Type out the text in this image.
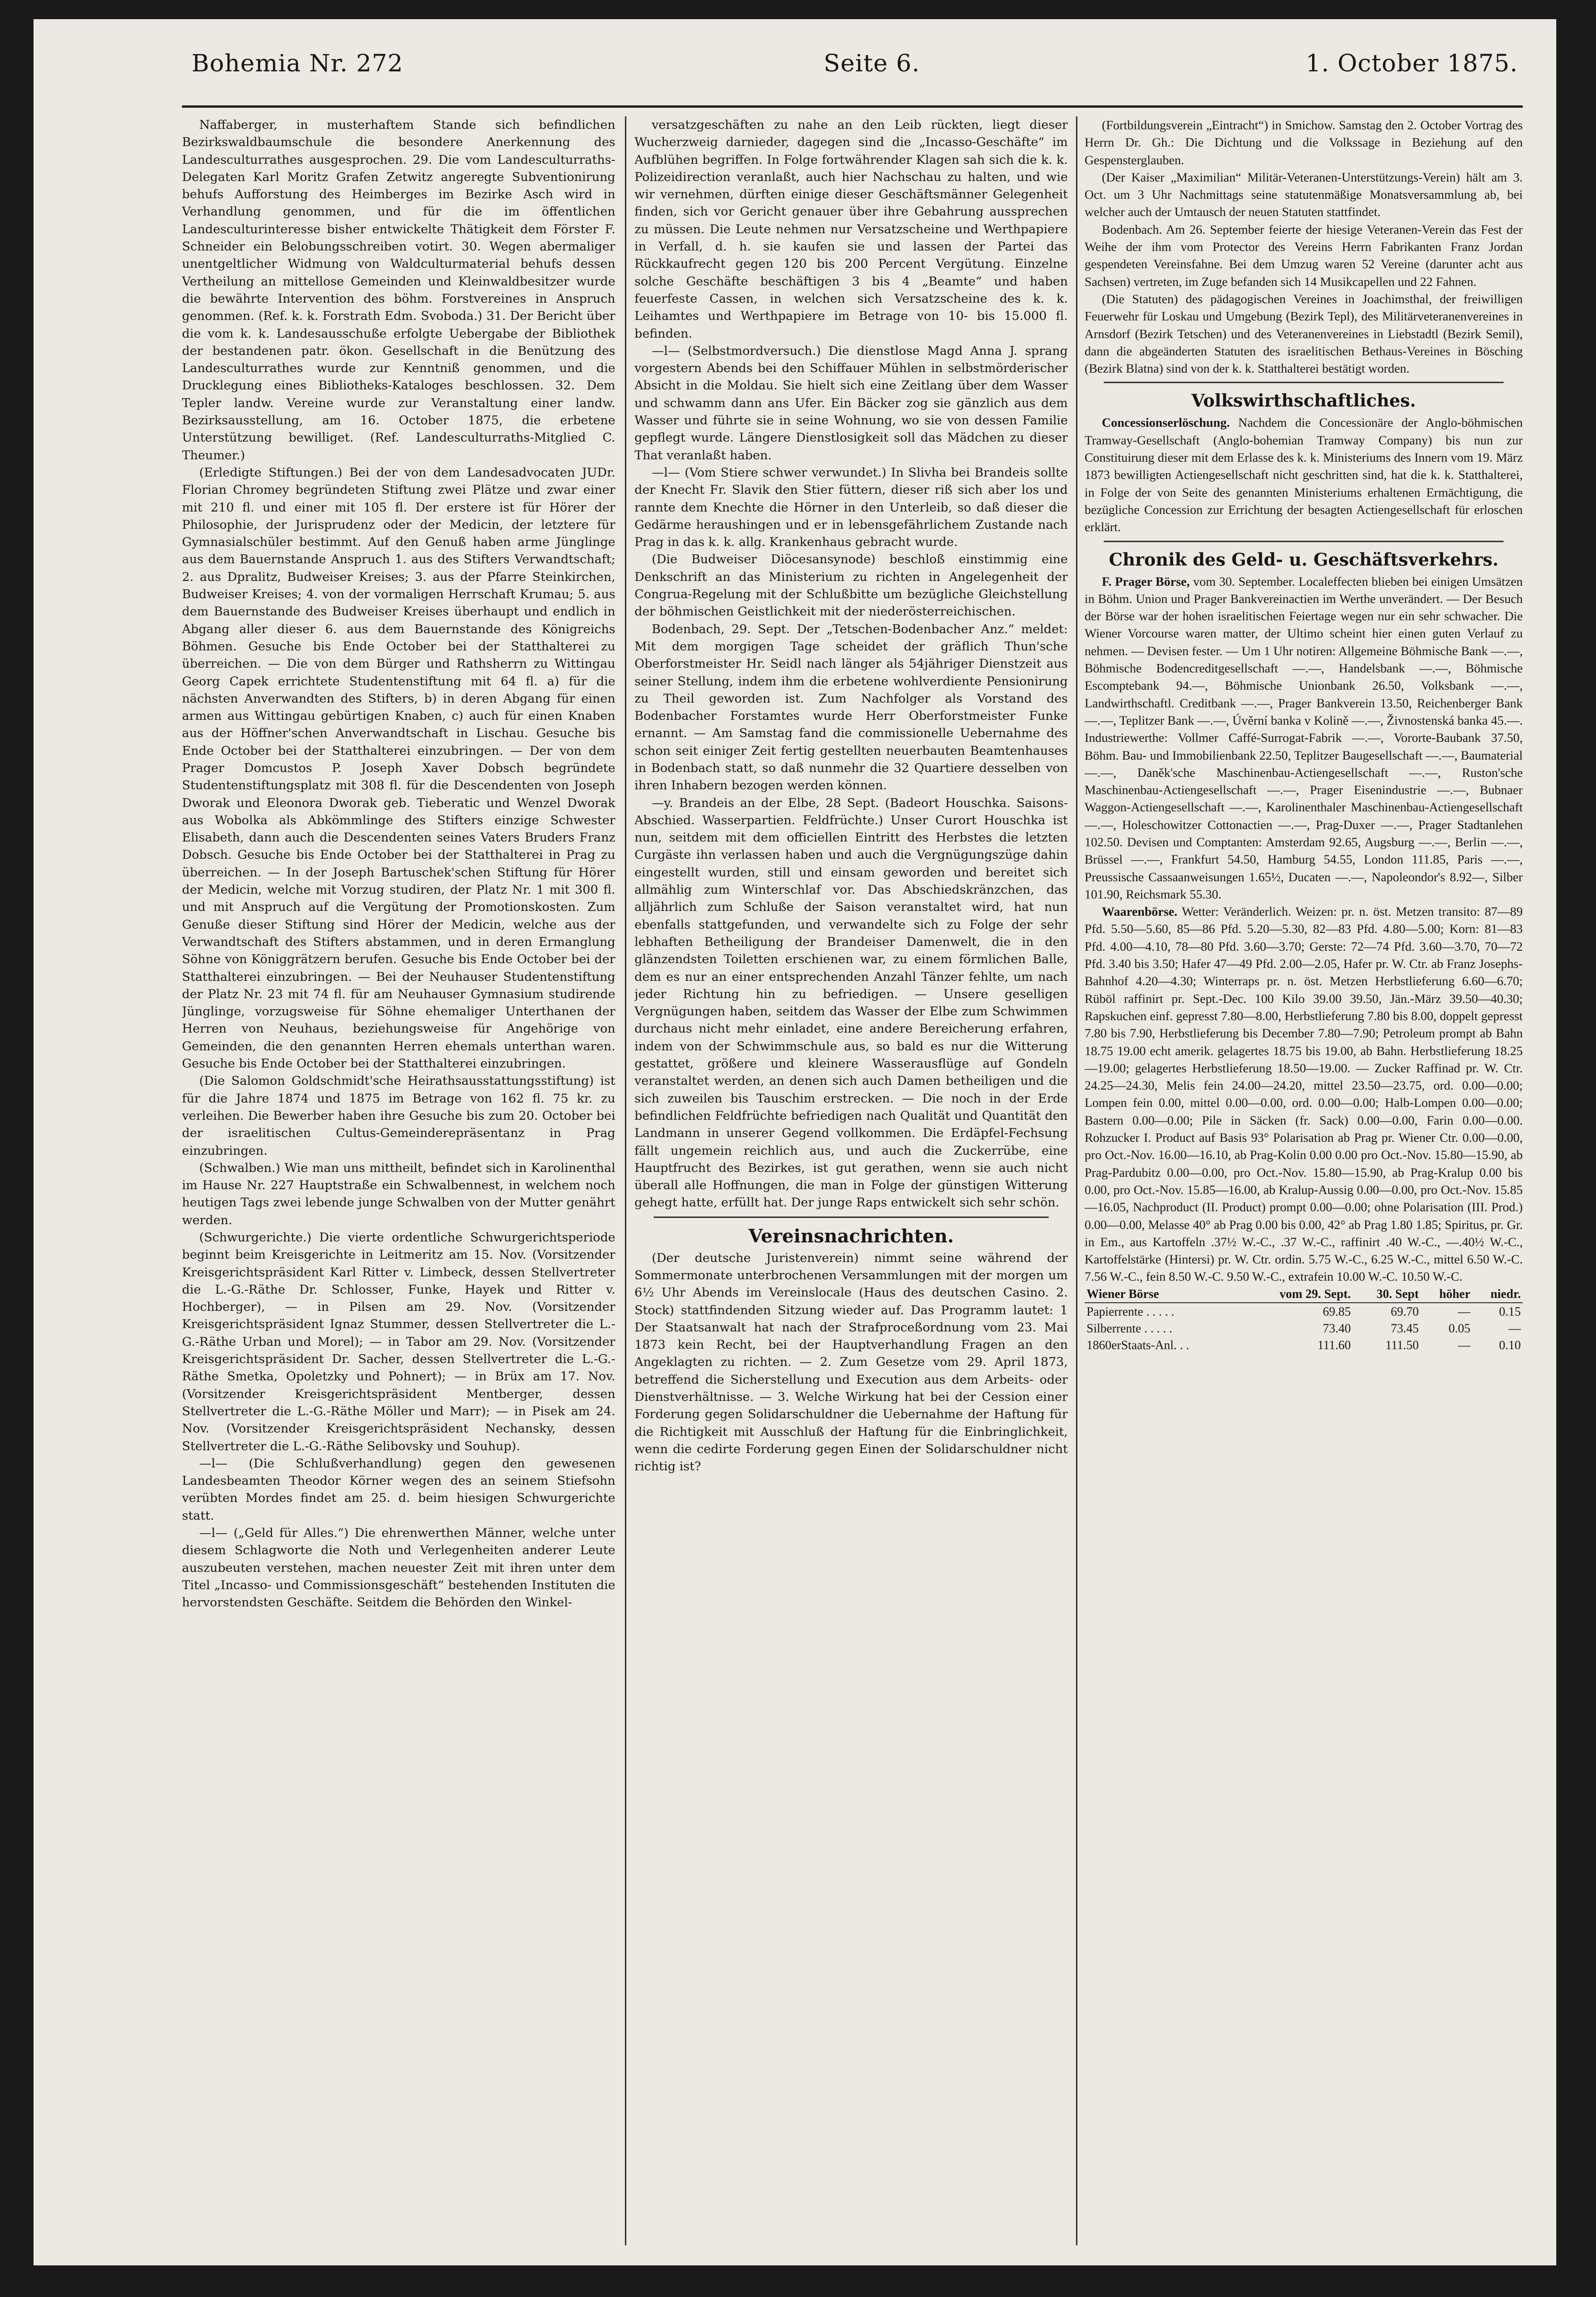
Bohemia Nr. 272	Seite 6.	1. October 1875.

Naffaberger, in musterhaftem Stande sich befindlichen Bezirkswaldbaumschule die besondere Anerkennung des Landesculturrathes ausgesprochen. 29. Die vom Landesculturraths-Delegaten Karl Moritz Grafen Zetwitz angeregte Subventionirung behufs Aufforstung des Heimberges im Bezirke Asch wird in Verhandlung genommen, und für die im öffentlichen Landesculturinteresse bisher entwickelte Thätigkeit dem Förster F. Schneider ein Belobungsschreiben votirt. 30. Wegen abermaliger unentgeltlicher Widmung von Waldculturmaterial behufs dessen Vertheilung an mittellose Gemeinden und Kleinwaldbesitzer wurde die bewährte Intervention des böhm. Forstvereines in Anspruch genommen. (Ref. k. k. Forstrath Edm. Svoboda.) 31. Der Bericht über die vom k. k. Landesausschuße erfolgte Uebergabe der Bibliothek der bestandenen patr. ökon. Gesellschaft in die Benützung des Landesculturrathes wurde zur Kenntniß genommen, und die Drucklegung eines Bibliotheks-Kataloges beschlossen. 32. Dem Tepler landw. Vereine wurde zur Veranstaltung einer landw. Bezirksausstellung, am 16. October 1875, die erbetene Unterstützung bewilliget. (Ref. Landesculturraths-Mitglied C. Theumer.)

(Erledigte Stiftungen.) Bei der von dem Landesadvocaten JUDr. Florian Chromey begründeten Stiftung zwei Plätze und zwar einer mit 210 fl. und einer mit 105 fl. Der erstere ist für Hörer der Philosophie, der Jurisprudenz oder der Medicin, der letztere für Gymnasialschüler bestimmt. Auf den Genuß haben arme Jünglinge aus dem Bauernstande Anspruch 1. aus des Stifters Verwandtschaft; 2. aus Dpralitz, Budweiser Kreises; 3. aus der Pfarre Steinkirchen, Budweiser Kreises; 4. von der vormaligen Herrschaft Krumau; 5. aus dem Bauernstande des Budweiser Kreises überhaupt und endlich in Abgang aller dieser 6. aus dem Bauernstande des Königreichs Böhmen. Gesuche bis Ende October bei der Statthalterei zu überreichen. — Die von dem Bürger und Rathsherrn zu Wittingau Georg Capek errichtete Studentenstiftung mit 64 fl. a) für die nächsten Anverwandten des Stifters, b) in deren Abgang für einen armen aus Wittingau gebürtigen Knaben, c) auch für einen Knaben aus der Höffner'schen Anverwandtschaft in Lischau. Gesuche bis Ende October bei der Statthalterei einzubringen. — Der von dem Prager Domcustos P. Joseph Xaver Dobsch begründete Studentenstiftungsplatz mit 308 fl. für die Descendenten von Joseph Dworak und Eleonora Dworak geb. Tieberatic und Wenzel Dworak aus Wobolka als Abkömmlinge des Stifters einzige Schwester Elisabeth, dann auch die Descendenten seines Vaters Bruders Franz Dobsch. Gesuche bis Ende October bei der Statthalterei in Prag zu überreichen. — In der Joseph Bartuschek'schen Stiftung für Hörer der Medicin, welche mit Vorzug studiren, der Platz Nr. 1 mit 300 fl. und mit Anspruch auf die Vergütung der Promotionskosten. Zum Genuße dieser Stiftung sind Hörer der Medicin, welche aus der Verwandtschaft des Stifters abstammen, und in deren Ermanglung Söhne von Königgrätzern berufen. Gesuche bis Ende October bei der Statthalterei einzubringen. — Bei der Neuhauser Studentenstiftung der Platz Nr. 23 mit 74 fl. für am Neuhauser Gymnasium studirende Jünglinge, vorzugsweise für Söhne ehemaliger Unterthanen der Herren von Neuhaus, beziehungsweise für Angehörige von Gemeinden, die den genannten Herren ehemals unterthan waren. Gesuche bis Ende October bei der Statthalterei einzubringen.

(Die Salomon Goldschmidt'sche Heirathsausstattungsstiftung) ist für die Jahre 1874 und 1875 im Betrage von 162 fl. 75 kr. zu verleihen. Die Bewerber haben ihre Gesuche bis zum 20. October bei der israelitischen Cultus-Gemeinderepräsentanz in Prag einzubringen.

(Schwalben.) Wie man uns mittheilt, befindet sich in Karolinenthal im Hause Nr. 227 Hauptstraße ein Schwalbennest, in welchem noch heutigen Tags zwei lebende junge Schwalben von der Mutter genährt werden.

(Schwurgerichte.) Die vierte ordentliche Schwurgerichtsperiode beginnt beim Kreisgerichte in Leitmeritz am 15. Nov. (Vorsitzender Kreisgerichtspräsident Karl Ritter v. Limbeck, dessen Stellvertreter die L.-G.-Räthe Dr. Schlosser, Funke, Hayek und Ritter v. Hochberger), — in Pilsen am 29. Nov. (Vorsitzender Kreisgerichtspräsident Ignaz Stummer, dessen Stellvertreter die L.-G.-Räthe Urban und Morel); — in Tabor am 29. Nov. (Vorsitzender Kreisgerichtspräsident Dr. Sacher, dessen Stellvertreter die L.-G.-Räthe Smetka, Opoletzky und Pohnert); — in Brüx am 17. Nov. (Vorsitzender Kreisgerichtspräsident Mentberger, dessen Stellvertreter die L.-G.-Räthe Möller und Marr); — in Pisek am 24. Nov. (Vorsitzender Kreisgerichtspräsident Nechansky, dessen Stellvertreter die L.-G.-Räthe Selibovsky und Souhup).

—l— (Die Schlußverhandlung) gegen den gewesenen Landesbeamten Theodor Körner wegen des an seinem Stiefsohn verübten Mordes findet am 25. d. beim hiesigen Schwurgerichte statt.

—l— („Geld für Alles.“) Die ehrenwerthen Männer, welche unter diesem Schlagworte die Noth und Verlegenheiten anderer Leute auszubeuten verstehen, machen neuester Zeit mit ihren unter dem Titel „Incasso- und Commissionsgeschäft“ bestehenden Instituten die hervorstendsten Geschäfte. Seitdem die Behörden den Winkel-

versatzgeschäften zu nahe an den Leib rückten, liegt dieser Wucherzweig darnieder, dagegen sind die „Incasso-Geschäfte“ im Aufblühen begriffen. In Folge fortwährender Klagen sah sich die k. k. Polizeidirection veranlaßt, auch hier Nachschau zu halten, und wie wir vernehmen, dürften einige dieser Geschäftsmänner Gelegenheit finden, sich vor Gericht genauer über ihre Gebahrung aussprechen zu müssen. Die Leute nehmen nur Versatzscheine und Werthpapiere in Verfall, d. h. sie kaufen sie und lassen der Partei das Rückkaufrecht gegen 120 bis 200 Percent Vergütung. Einzelne solche Geschäfte beschäftigen 3 bis 4 „Beamte“ und haben feuerfeste Cassen, in welchen sich Versatzscheine des k. k. Leihamtes und Werthpapiere im Betrage von 10- bis 15.000 fl. befinden.

—l— (Selbstmordversuch.) Die dienstlose Magd Anna J. sprang vorgestern Abends bei den Schiffauer Mühlen in selbstmörderischer Absicht in die Moldau. Sie hielt sich eine Zeitlang über dem Wasser und schwamm dann ans Ufer. Ein Bäcker zog sie gänzlich aus dem Wasser und führte sie in seine Wohnung, wo sie von dessen Familie gepflegt wurde. Längere Dienstlosigkeit soll das Mädchen zu dieser That veranlaßt haben.

—l— (Vom Stiere schwer verwundet.) In Slivha bei Brandeis sollte der Knecht Fr. Slavik den Stier füttern, dieser riß sich aber los und rannte dem Knechte die Hörner in den Unterleib, so daß dieser die Gedärme heraushingen und er in lebensgefährlichem Zustande nach Prag in das k. k. allg. Krankenhaus gebracht wurde.

(Die Budweiser Diöcesansynode) beschloß einstimmig eine Denkschrift an das Ministerium zu richten in Angelegenheit der Congrua-Regelung mit der Schlußbitte um bezügliche Gleichstellung der böhmischen Geistlichkeit mit der niederösterreichischen.

Bodenbach, 29. Sept. Der „Tetschen-Bodenbacher Anz.“ meldet: Mit dem morgigen Tage scheidet der gräflich Thun'sche Oberforstmeister Hr. Seidl nach länger als 54jähriger Dienstzeit aus seiner Stellung, indem ihm die erbetene wohlverdiente Pensionirung zu Theil geworden ist. Zum Nachfolger als Vorstand des Bodenbacher Forstamtes wurde Herr Oberforstmeister Funke ernannt. — Am Samstag fand die commissionelle Uebernahme des schon seit einiger Zeit fertig gestellten neuerbauten Beamtenhauses in Bodenbach statt, so daß nunmehr die 32 Quartiere desselben von ihren Inhabern bezogen werden können.

—y. Brandeis an der Elbe, 28 Sept. (Badeort Houschka. Saisons-Abschied. Wasserpartien. Feldfrüchte.) Unser Curort Houschka ist nun, seitdem mit dem officiellen Eintritt des Herbstes die letzten Curgäste ihn verlassen haben und auch die Vergnügungszüge dahin eingestellt wurden, still und einsam geworden und bereitet sich allmählig zum Winterschlaf vor. Das Abschiedskränzchen, das alljährlich zum Schluße der Saison veranstaltet wird, hat nun ebenfalls stattgefunden, und verwandelte sich zu Folge der sehr lebhaften Betheiligung der Brandeiser Damenwelt, die in den glänzendsten Toiletten erschienen war, zu einem förmlichen Balle, dem es nur an einer entsprechenden Anzahl Tänzer fehlte, um nach jeder Richtung hin zu befriedigen. — Unsere geselligen Vergnügungen haben, seitdem das Wasser der Elbe zum Schwimmen durchaus nicht mehr einladet, eine andere Bereicherung erfahren, indem von der Schwimmschule aus, so bald es nur die Witterung gestattet, größere und kleinere Wasserausflüge auf Gondeln veranstaltet werden, an denen sich auch Damen betheiligen und die sich zuweilen bis Tauschim erstrecken. — Die noch in der Erde befindlichen Feldfrüchte befriedigen nach Qualität und Quantität den Landmann in unserer Gegend vollkommen. Die Erdäpfel-Fechsung fällt ungemein reichlich aus, und auch die Zuckerrübe, eine Hauptfrucht des Bezirkes, ist gut gerathen, wenn sie auch nicht überall alle Hoffnungen, die man in Folge der günstigen Witterung gehegt hatte, erfüllt hat. Der junge Raps entwickelt sich sehr schön.

Vereinsnachrichten.

(Der deutsche Juristenverein) nimmt seine während der Sommermonate unterbrochenen Versammlungen mit der morgen um 6½ Uhr Abends im Vereinslocale (Haus des deutschen Casino. 2. Stock) stattfindenden Sitzung wieder auf. Das Programm lautet: 1 Der Staatsanwalt hat nach der Strafproceßordnung vom 23. Mai 1873 kein Recht, bei der Hauptverhandlung Fragen an den Angeklagten zu richten. — 2. Zum Gesetze vom 29. April 1873, betreffend die Sicherstellung und Execution aus dem Arbeits- oder Dienstverhältnisse. — 3. Welche Wirkung hat bei der Cession einer Forderung gegen Solidarschuldner die Uebernahme der Haftung für die Richtigkeit mit Ausschluß der Haftung für die Einbringlichkeit, wenn die cedirte Forderung gegen Einen der Solidarschuldner nicht richtig ist?

(Fortbildungsverein „Eintracht“) in Smichow. Samstag den 2. October Vortrag des Herrn Dr. Gh.: Die Dichtung und die Volkssage in Beziehung auf den Gespensterglauben.

(Der Kaiser „Maximilian“ Militär-Veteranen-Unterstützungs-Verein) hält am 3. Oct. um 3 Uhr Nachmittags seine statutenmäßige Monatsversammlung ab, bei welcher auch der Umtausch der neuen Statuten stattfindet.

Bodenbach. Am 26. September feierte der hiesige Veteranen-Verein das Fest der Weihe der ihm vom Protector des Vereins Herrn Fabrikanten Franz Jordan gespendeten Vereinsfahne. Bei dem Umzug waren 52 Vereine (darunter acht aus Sachsen) vertreten, im Zuge befanden sich 14 Musikcapellen und 22 Fahnen.

(Die Statuten) des pädagogischen Vereines in Joachimsthal, der freiwilligen Feuerwehr für Loskau und Umgebung (Bezirk Tepl), des Militärveteranenvereines in Arnsdorf (Bezirk Tetschen) und des Veteranenvereines in Liebstadtl (Bezirk Semil), dann die abgeänderten Statuten des israelitischen Bethaus-Vereines in Bösching (Bezirk Blatna) sind von der k. k. Statthalterei bestätigt worden.

Volkswirthschaftliches.

Concessionserlöschung. Nachdem die Concessionäre der Anglo-böhmischen Tramway-Gesellschaft (Anglo-bohemian Tramway Company) bis nun zur Constituirung dieser mit dem Erlasse des k. k. Ministeriums des Innern vom 19. März 1873 bewilligten Actiengesellschaft nicht geschritten sind, hat die k. k. Statthalterei, in Folge der von Seite des genannten Ministeriums erhaltenen Ermächtigung, die bezügliche Concession zur Errichtung der besagten Actiengesellschaft für erloschen erklärt.

Chronik des Geld- u. Geschäftsverkehrs.

F. Prager Börse, vom 30. September. Localeffecten blieben bei einigen Umsätzen in Böhm. Union und Prager Bankvereinactien im Werthe unverändert. — Der Besuch der Börse war der hohen israelitischen Feiertage wegen nur ein sehr schwacher. Die Wiener Vorcourse waren matter, der Ultimo scheint hier einen guten Verlauf zu nehmen. — Devisen fester. — Um 1 Uhr notiren: Allgemeine Böhmische Bank —.—, Böhmische Bodencreditgesellschaft —.—, Handelsbank —.—, Böhmische Escomptebank 94.—, Böhmische Unionbank 26.50, Volksbank —.—, Landwirthschaftl. Creditbank —.—, Prager Bankverein 13.50, Reichenberger Bank —.—, Teplitzer Bank —.—, Úvěrní banka v Kolině —.—, Živnostenská banka 45.—. Industriewerthe: Vollmer Caffé-Surrogat-Fabrik —.—, Vororte-Baubank 37.50, Böhm. Bau- und Immobilienbank 22.50, Teplitzer Baugesellschaft —.—, Baumaterial —.—, Daněk'sche Maschinenbau-Actiengesellschaft —.—, Ruston'sche Maschinenbau-Actiengesellschaft —.—, Prager Eisenindustrie —.—, Bubnaer Waggon-Actiengesellschaft —.—, Karolinenthaler Maschinenbau-Actiengesellschaft —.—, Holeschowitzer Cottonactien —.—, Prag-Duxer —.—, Prager Stadtanlehen 102.50. Devisen und Comptanten: Amsterdam 92.65, Augsburg —.—, Berlin —.—, Brüssel —.—, Frankfurt 54.50, Hamburg 54.55, London 111.85, Paris —.—, Preussische Cassaanweisungen 1.65½, Ducaten —.—, Napoleondor's 8.92—, Silber 101.90, Reichsmark 55.30.

Waarenbörse. Wetter: Veränderlich. Weizen: pr. n. öst. Metzen transito: 87—89 Pfd. 5.50—5.60, 85—86 Pfd. 5.20—5.30, 82—83 Pfd. 4.80—5.00; Korn: 81—83 Pfd. 4.00—4.10, 78—80 Pfd. 3.60—3.70; Gerste: 72—74 Pfd. 3.60—3.70, 70—72 Pfd. 3.40 bis 3.50; Hafer 47—49 Pfd. 2.00—2.05, Hafer pr. W. Ctr. ab Franz Josephs-Bahnhof 4.20—4.30; Winterraps pr. n. öst. Metzen Herbstlieferung 6.60—6.70; Rüböl raffinirt pr. Sept.-Dec. 100 Kilo 39.00 39.50, Jän.-März 39.50—40.30; Rapskuchen einf. gepresst 7.80—8.00, Herbstlieferung 7.80 bis 8.00, doppelt gepresst 7.80 bis 7.90, Herbstlieferung bis December 7.80—7.90; Petroleum prompt ab Bahn 18.75 19.00 echt amerik. gelagertes 18.75 bis 19.00, ab Bahn. Herbstlieferung 18.25—19.00; gelagertes Herbstlieferung 18.50—19.00. — Zucker Raffinad pr. W. Ctr. 24.25—24.30, Melis fein 24.00—24.20, mittel 23.50—23.75, ord. 0.00—0.00; Lompen fein 0.00, mittel 0.00—0.00, ord. 0.00—0.00; Halb-Lompen 0.00—0.00; Bastern 0.00—0.00; Pile in Säcken (fr. Sack) 0.00—0.00, Farin 0.00—0.00. Rohzucker I. Product auf Basis 93° Polarisation ab Prag pr. Wiener Ctr. 0.00—0.00, pro Oct.-Nov. 16.00—16.10, ab Prag-Kolin 0.00 0.00 pro Oct.-Nov. 15.80—15.90, ab Prag-Pardubitz 0.00—0.00, pro Oct.-Nov. 15.80—15.90, ab Prag-Kralup 0.00 bis 0.00, pro Oct.-Nov. 15.85—16.00, ab Kralup-Aussig 0.00—0.00, pro Oct.-Nov. 15.85—16.05, Nachproduct (II. Product) prompt 0.00—0.00; ohne Polarisation (III. Prod.) 0.00—0.00, Melasse 40° ab Prag 0.00 bis 0.00, 42° ab Prag 1.80 1.85; Spiritus, pr. Gr. in Em., aus Kartoffeln .37½ W.-C., .37 W.-C., raffinirt .40 W.-C., —.40½ W.-C., Kartoffelstärke (Hintersi) pr. W. Ctr. ordin. 5.75 W.-C., 6.25 W.-C., mittel 6.50 W.-C. 7.56 W.-C., fein 8.50 W.-C. 9.50 W.-C., extrafein 10.00 W.-C. 10.50 W.-C.

Wiener Börse	vom 29. Sept.	30. Sept	höher	niedr.
Papierrente . . . . .	69.85	69.70	—	0.15
Silberrente . . . . .	73.40	73.45	0.05	—
1860erStaats-Anl. . .	111.60	111.50	—	0.10
